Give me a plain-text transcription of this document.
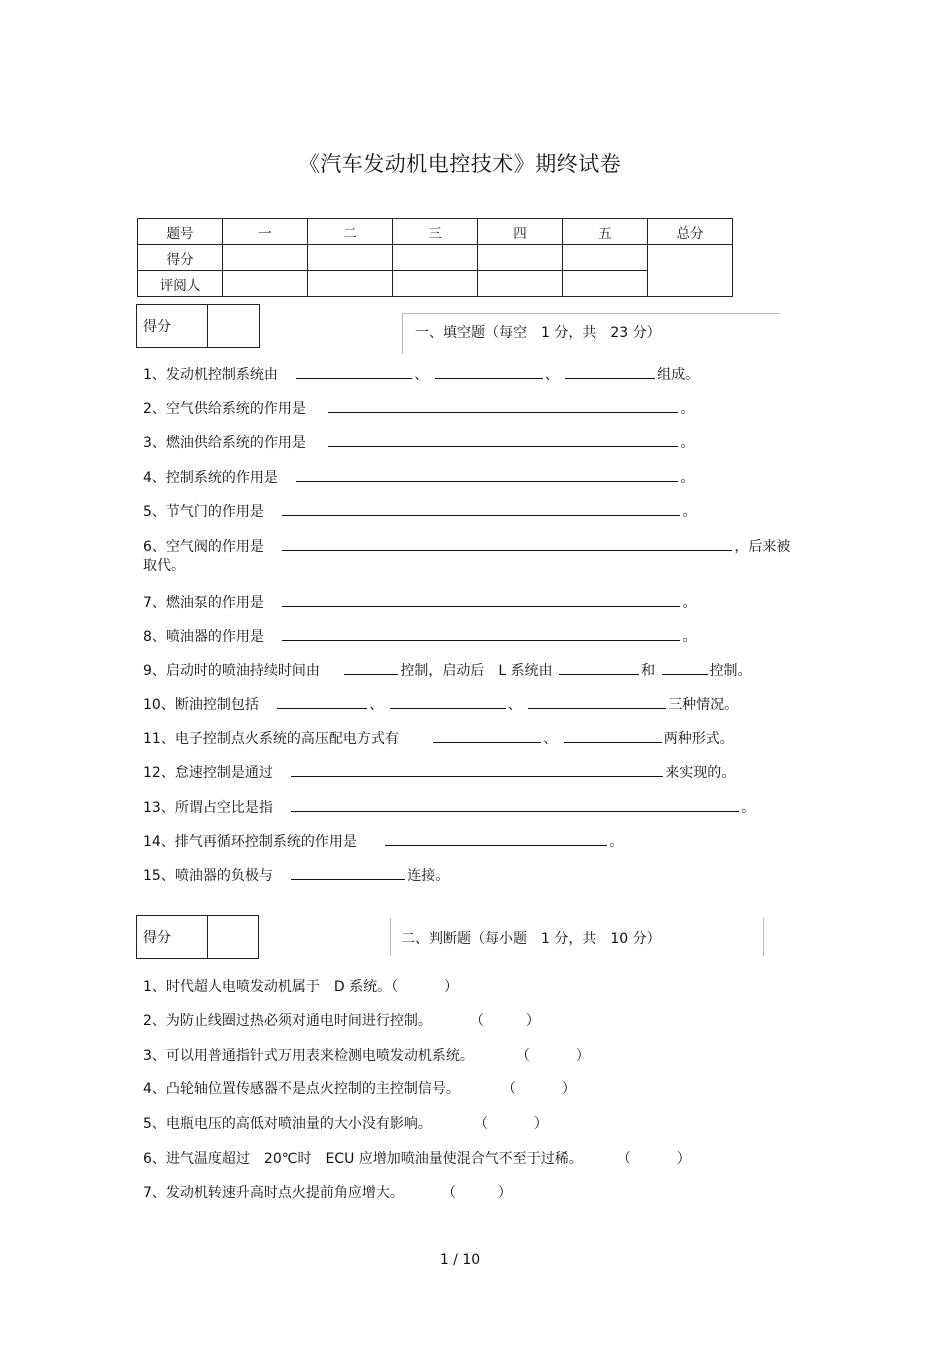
《汽车发动机电控技术》期终试卷
题号	一	二	三	四	五	总分
得分						
评阅人						
得分	一、填空题（每空　1 分，共　23 分）
1、发动机控制系统由	、	、	组成。
2、空气供给系统的作用是	。
3、燃油供给系统的作用是	。
4、控制系统的作用是	。
5、节气门的作用是	。
6、空气阀的作用是	，后来被
取代。
7、燃油泵的作用是	。
8、喷油器的作用是	。
9、启动时的喷油持续时间由	控制，启动后　L 系统由	和	控制。
10、断油控制包括	、	、	三种情况。
11、电子控制点火系统的高压配电方式有	、	两种形式。
12、怠速控制是通过	来实现的。
13、所谓占空比是指	。
14、排气再循环控制系统的作用是	。
15、喷油器的负极与	连接。
得分	二、判断题（每小题　1 分，共　10 分）
1、时代超人电喷发动机属于　D 系统。（	）
2、为防止线圈过热必须对通电时间进行控制。	（	）
3、可以用普通指针式万用表来检测电喷发动机系统。	（	）
4、凸轮轴位置传感器不是点火控制的主控制信号。	（	）
5、电瓶电压的高低对喷油量的大小没有影响。	（	）
6、进气温度超过　20℃时　ECU 应增加喷油量使混合气不至于过稀。 （	）
7、发动机转速升高时点火提前角应增大。	（	）
1 / 10
